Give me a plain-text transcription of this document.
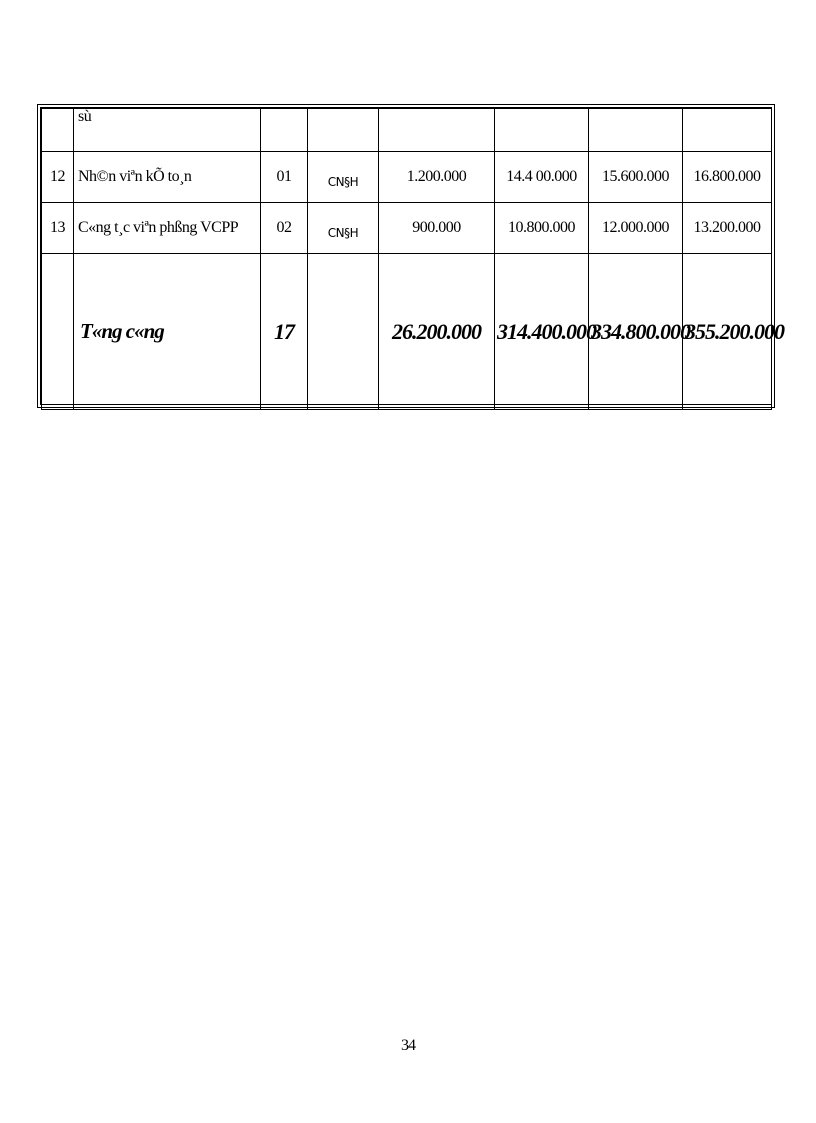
	sù						
12	Nh©n viªn kÕ to¸n	01	CN§H	1.200.000	14.4 00.000	15.600.000	16.800.000
13	C«ng t¸c viªn phßng VCPP	02	CN§H	900.000	10.800.000	12.000.000	13.200.000
	T«ng c«ng	17		26.200.000	314.400.000	334.800.000	355.200.000
34
